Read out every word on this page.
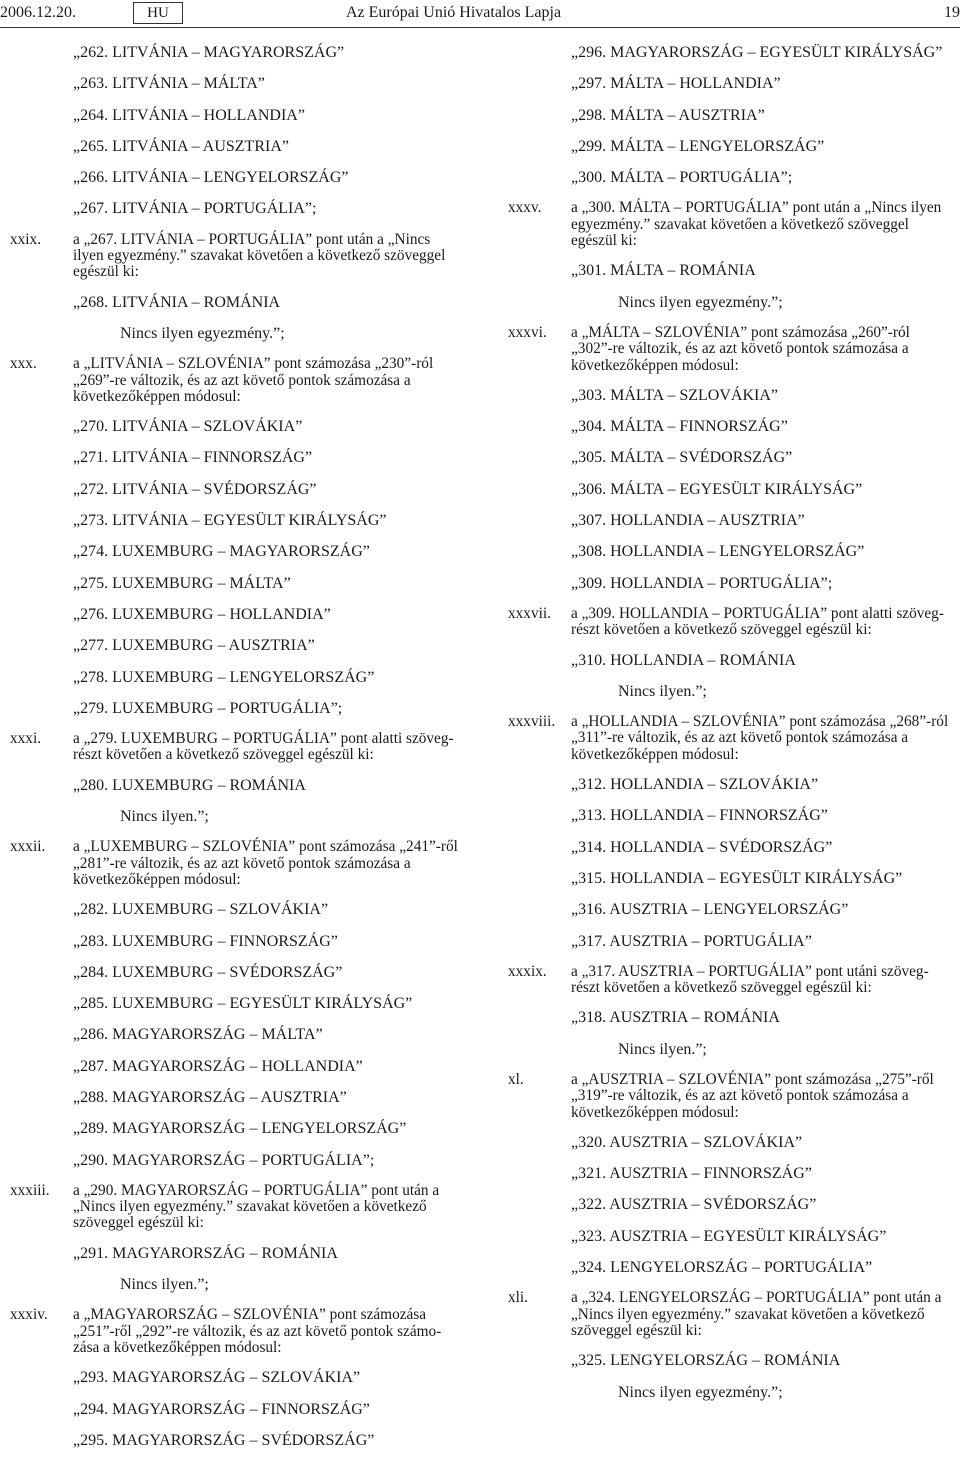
2006.12.20.	HU	Az Európai Unió Hivatalos Lapja	19
„262. LITVÁNIA – MAGYARORSZÁG”
„263. LITVÁNIA – MÁLTA”
„264. LITVÁNIA – HOLLANDIA”
„265. LITVÁNIA – AUSZTRIA”
„266. LITVÁNIA – LENGYELORSZÁG”
„267. LITVÁNIA – PORTUGÁLIA”;
xxix.	a „267. LITVÁNIA – PORTUGÁLIA” pont után a „Nincs
ilyen egyezmény.” szavakat követően a következő szöveggel
egészül ki:
„268. LITVÁNIA – ROMÁNIA
Nincs ilyen egyezmény.”;
xxx.	a „LITVÁNIA – SZLOVÉNIA” pont számozása „230”-ról
„269”-re változik, és az azt követő pontok számozása a
következőképpen módosul:
„270. LITVÁNIA – SZLOVÁKIA”
„271. LITVÁNIA – FINNORSZÁG”
„272. LITVÁNIA – SVÉDORSZÁG”
„273. LITVÁNIA – EGYESÜLT KIRÁLYSÁG”
„274. LUXEMBURG – MAGYARORSZÁG”
„275. LUXEMBURG – MÁLTA”
„276. LUXEMBURG – HOLLANDIA”
„277. LUXEMBURG – AUSZTRIA”
„278. LUXEMBURG – LENGYELORSZÁG”
„279. LUXEMBURG – PORTUGÁLIA”;
xxxi.	a „279. LUXEMBURG – PORTUGÁLIA” pont alatti szöveg-
részt követően a következő szöveggel egészül ki:
„280. LUXEMBURG – ROMÁNIA
Nincs ilyen.”;
xxxii.	a „LUXEMBURG – SZLOVÉNIA” pont számozása „241”-ről
„281”-re változik, és az azt követő pontok számozása a
következőképpen módosul:
„282. LUXEMBURG – SZLOVÁKIA”
„283. LUXEMBURG – FINNORSZÁG”
„284. LUXEMBURG – SVÉDORSZÁG”
„285. LUXEMBURG – EGYESÜLT KIRÁLYSÁG”
„286. MAGYARORSZÁG – MÁLTA”
„287. MAGYARORSZÁG – HOLLANDIA”
„288. MAGYARORSZÁG – AUSZTRIA”
„289. MAGYARORSZÁG – LENGYELORSZÁG”
„290. MAGYARORSZÁG – PORTUGÁLIA”;
xxxiii.	a „290. MAGYARORSZÁG – PORTUGÁLIA” pont után a
„Nincs ilyen egyezmény.” szavakat követően a következő
szöveggel egészül ki:
„291. MAGYARORSZÁG – ROMÁNIA
Nincs ilyen.”;
xxxiv.	a „MAGYARORSZÁG – SZLOVÉNIA” pont számozása
„251”-ről „292”-re változik, és az azt követő pontok számo-
zása a következőképpen módosul:
„293. MAGYARORSZÁG – SZLOVÁKIA”
„294. MAGYARORSZÁG – FINNORSZÁG”
„295. MAGYARORSZÁG – SVÉDORSZÁG”
„296. MAGYARORSZÁG – EGYESÜLT KIRÁLYSÁG”
„297. MÁLTA – HOLLANDIA”
„298. MÁLTA – AUSZTRIA”
„299. MÁLTA – LENGYELORSZÁG”
„300. MÁLTA – PORTUGÁLIA”;
xxxv.	a „300. MÁLTA – PORTUGÁLIA” pont után a „Nincs ilyen
egyezmény.” szavakat követően a következő szöveggel
egészül ki:
„301. MÁLTA – ROMÁNIA
Nincs ilyen egyezmény.”;
xxxvi.	a „MÁLTA – SZLOVÉNIA” pont számozása „260”-ról
„302”-re változik, és az azt követő pontok számozása a
következőképpen módosul:
„303. MÁLTA – SZLOVÁKIA”
„304. MÁLTA – FINNORSZÁG”
„305. MÁLTA – SVÉDORSZÁG”
„306. MÁLTA – EGYESÜLT KIRÁLYSÁG”
„307. HOLLANDIA – AUSZTRIA”
„308. HOLLANDIA – LENGYELORSZÁG”
„309. HOLLANDIA – PORTUGÁLIA”;
xxxvii.	a „309. HOLLANDIA – PORTUGÁLIA” pont alatti szöveg-
részt követően a következő szöveggel egészül ki:
„310. HOLLANDIA – ROMÁNIA
Nincs ilyen.”;
xxxviii.	a „HOLLANDIA – SZLOVÉNIA” pont számozása „268”-ról
„311”-re változik, és az azt követő pontok számozása a
következőképpen módosul:
„312. HOLLANDIA – SZLOVÁKIA”
„313. HOLLANDIA – FINNORSZÁG”
„314. HOLLANDIA – SVÉDORSZÁG”
„315. HOLLANDIA – EGYESÜLT KIRÁLYSÁG”
„316. AUSZTRIA – LENGYELORSZÁG”
„317. AUSZTRIA – PORTUGÁLIA”
xxxix.	a „317. AUSZTRIA – PORTUGÁLIA” pont utáni szöveg-
részt követően a következő szöveggel egészül ki:
„318. AUSZTRIA – ROMÁNIA
Nincs ilyen.”;
xl.	a „AUSZTRIA – SZLOVÉNIA” pont számozása „275”-ről
„319”-re változik, és az azt követő pontok számozása a
következőképpen módosul:
„320. AUSZTRIA – SZLOVÁKIA”
„321. AUSZTRIA – FINNORSZÁG”
„322. AUSZTRIA – SVÉDORSZÁG”
„323. AUSZTRIA – EGYESÜLT KIRÁLYSÁG”
„324. LENGYELORSZÁG – PORTUGÁLIA”
xli.	a „324. LENGYELORSZÁG – PORTUGÁLIA” pont után a
„Nincs ilyen egyezmény.” szavakat követően a következő
szöveggel egészül ki:
„325. LENGYELORSZÁG – ROMÁNIA
Nincs ilyen egyezmény.”;
